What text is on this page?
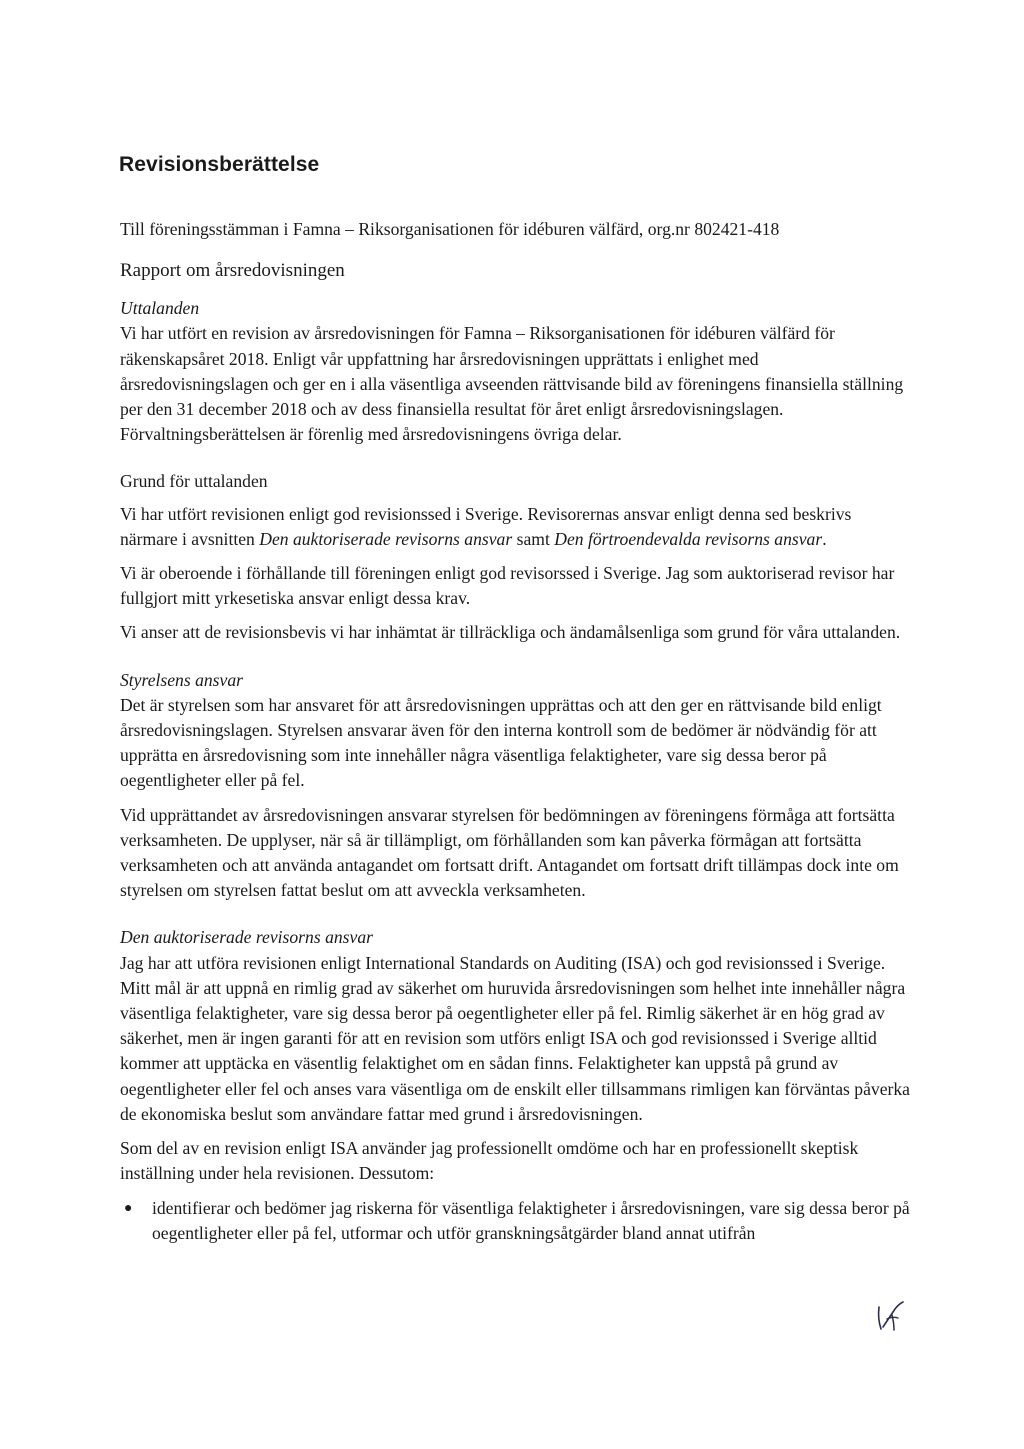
Revisionsberättelse

Till föreningsstämman i Famna – Riksorganisationen för idéburen välfärd, org.nr 802421-418

Rapport om årsredovisningen

Uttalanden

Vi har utfört en revision av årsredovisningen för Famna – Riksorganisationen för idéburen välfärd för räkenskapsåret 2018. Enligt vår uppfattning har årsredovisningen upprättats i enlighet med årsredovisningslagen och ger en i alla väsentliga avseenden rättvisande bild av föreningens finansiella ställning per den 31 december 2018 och av dess finansiella resultat för året enligt årsredovisningslagen. Förvaltningsberättelsen är förenlig med årsredovisningens övriga delar.

Grund för uttalanden

Vi har utfört revisionen enligt god revisionssed i Sverige. Revisorernas ansvar enligt denna sed beskrivs närmare i avsnitten Den auktoriserade revisorns ansvar samt Den förtroendevalda revisorns ansvar.

Vi är oberoende i förhållande till föreningen enligt god revisorssed i Sverige. Jag som auktoriserad revisor har fullgjort mitt yrkesetiska ansvar enligt dessa krav.

Vi anser att de revisionsbevis vi har inhämtat är tillräckliga och ändamålsenliga som grund för våra uttalanden.

Styrelsens ansvar

Det är styrelsen som har ansvaret för att årsredovisningen upprättas och att den ger en rättvisande bild enligt årsredovisningslagen. Styrelsen ansvarar även för den interna kontroll som de bedömer är nödvändig för att upprätta en årsredovisning som inte innehåller några väsentliga felaktigheter, vare sig dessa beror på oegentligheter eller på fel.

Vid upprättandet av årsredovisningen ansvarar styrelsen för bedömningen av föreningens förmåga att fortsätta verksamheten. De upplyser, när så är tillämpligt, om förhållanden som kan påverka förmågan att fortsätta verksamheten och att använda antagandet om fortsatt drift. Antagandet om fortsatt drift tillämpas dock inte om styrelsen om styrelsen fattat beslut om att avveckla verksamheten.

Den auktoriserade revisorns ansvar

Jag har att utföra revisionen enligt International Standards on Auditing (ISA) och god revisionssed i Sverige. Mitt mål är att uppnå en rimlig grad av säkerhet om huruvida årsredovisningen som helhet inte innehåller några väsentliga felaktigheter, vare sig dessa beror på oegentligheter eller på fel. Rimlig säkerhet är en hög grad av säkerhet, men är ingen garanti för att en revision som utförs enligt ISA och god revisionssed i Sverige alltid kommer att upptäcka en väsentlig felaktighet om en sådan finns. Felaktigheter kan uppstå på grund av oegentligheter eller fel och anses vara väsentliga om de enskilt eller tillsammans rimligen kan förväntas påverka de ekonomiska beslut som användare fattar med grund i årsredovisningen.

Som del av en revision enligt ISA använder jag professionellt omdöme och har en professionellt skeptisk inställning under hela revisionen. Dessutom:

● identifierar och bedömer jag riskerna för väsentliga felaktigheter i årsredovisningen, vare sig dessa beror på oegentligheter eller på fel, utformar och utför granskningsåtgärder bland annat utifrån
